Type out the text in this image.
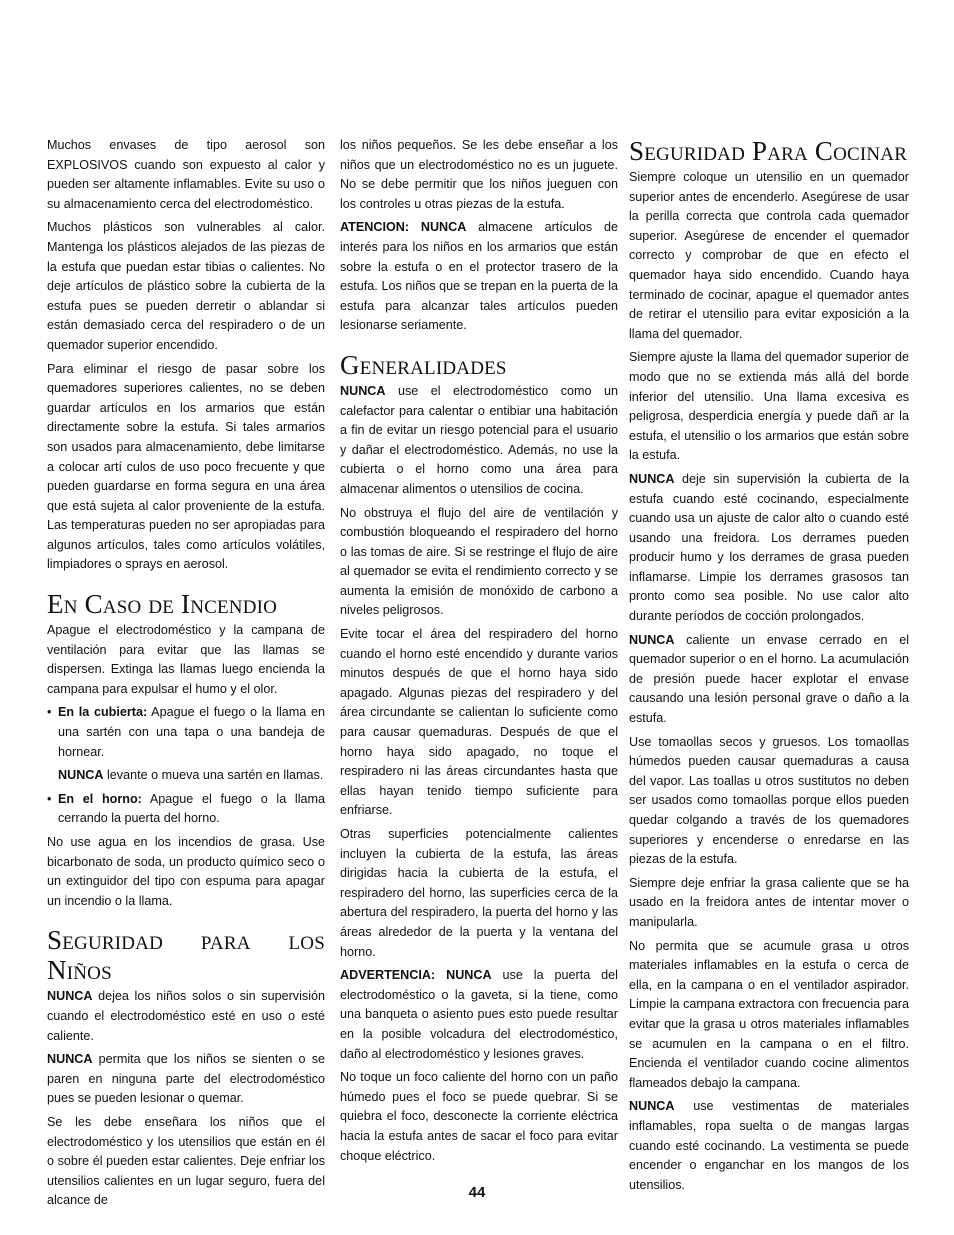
Muchos envases de tipo aerosol son EXPLOSIVOS cuando son expuesto al calor y pueden ser altamente inflamables. Evite su uso o su almacenamiento cerca del electrodoméstico.

Muchos plásticos son vulnerables al calor. Mantenga los plásticos alejados de las piezas de la estufa que puedan estar tibias o calientes. No deje artículos de plástico sobre la cubierta de la estufa pues se pueden derretir o ablandar si están demasiado cerca del respiradero o de un quemador superior encendido.

Para eliminar el riesgo de pasar sobre los quemadores superiores calientes, no se deben guardar artículos en los armarios que están directamente sobre la estufa. Si tales armarios son usados para almacenamiento, debe limitarse a colocar artí culos de uso poco frecuente y que pueden guardarse en forma segura en una área que está sujeta al calor proveniente de la estufa. Las temperaturas pueden no ser apropiadas para algunos artículos, tales como artículos volátiles, limpiadores o sprays en aerosol.

En Caso de Incendio

Apague el electrodoméstico y la campana de ventilación para evitar que las llamas se dispersen. Extinga las llamas luego encienda la campana para expulsar el humo y el olor.

• En la cubierta: Apague el fuego o la llama en una sartén con una tapa o una bandeja de hornear.

NUNCA levante o mueva una sartén en llamas.

• En el horno: Apague el fuego o la llama cerrando la puerta del horno.

No use agua en los incendios de grasa. Use bicarbonato de soda, un producto químico seco o un extinguidor del tipo con espuma para apagar un incendio o la llama.

Seguridad para los Niños

NUNCA dejea los niños solos o sin supervisión cuando el electrodoméstico esté en uso o esté caliente.

NUNCA permita que los niños se sienten o se paren en ninguna parte del electrodoméstico pues se pueden lesionar o quemar.

Se les debe enseñara los niños que el electrodoméstico y los utensilios que están en él o sobre él pueden estar calientes. Deje enfriar los utensilios calientes en un lugar seguro, fuera del alcance de

los niños pequeños. Se les debe enseñar a los niños que un electrodoméstico no es un juguete. No se debe permitir que los niños jueguen con los controles u otras piezas de la estufa.

ATENCION: NUNCA almacene artículos de interés para los niños en los armarios que están sobre la estufa o en el protector trasero de la estufa. Los niños que se trepan en la puerta de la estufa para alcanzar tales artículos pueden lesionarse seriamente.

Generalidades

NUNCA use el electrodoméstico como un calefactor para calentar o entibiar una habitación a fin de evitar un riesgo potencial para el usuario y dañar el electrodoméstico. Además, no use la cubierta o el horno como una área para almacenar alimentos o utensilios de cocina.

No obstruya el flujo del aire de ventilación y combustión bloqueando el respiradero del horno o las tomas de aire. Si se restringe el flujo de aire al quemador se evita el rendimiento correcto y se aumenta la emisión de monóxido de carbono a niveles peligrosos.

Evite tocar el área del respiradero del horno cuando el horno esté encendido y durante varios minutos después de que el horno haya sido apagado. Algunas piezas del respiradero y del área circundante se calientan lo suficiente como para causar quemaduras. Después de que el horno haya sido apagado, no toque el respiradero ni las áreas circundantes hasta que ellas hayan tenido tiempo suficiente para enfriarse.

Otras superficies potencialmente calientes incluyen la cubierta de la estufa, las áreas dirigidas hacia la cubierta de la estufa, el respiradero del horno, las superficies cerca de la abertura del respiradero, la puerta del horno y las áreas alrededor de la puerta y la ventana del horno.

ADVERTENCIA: NUNCA use la puerta del electrodoméstico o la gaveta, si la tiene, como una banqueta o asiento pues esto puede resultar en la posible volcadura del electrodoméstico, daño al electrodoméstico y lesiones graves.

No toque un foco caliente del horno con un paño húmedo pues el foco se puede quebrar. Si se quiebra el foco, desconecte la corriente eléctrica hacia la estufa antes de sacar el foco para evitar choque eléctrico.

Seguridad Para Cocinar

Siempre coloque un utensilio en un quemador superior antes de encenderlo. Asegúrese de usar la perilla correcta que controla cada quemador superior. Asegúrese de encender el quemador correcto y comprobar de que en efecto el quemador haya sido encendido. Cuando haya terminado de cocinar, apague el quemador antes de retirar el utensilio para evitar exposición a la llama del quemador.

Siempre ajuste la llama del quemador superior de modo que no se extienda más allá del borde inferior del utensilio. Una llama excesiva es peligrosa, desperdicia energía y puede dañ ar la estufa, el utensilio o los armarios que están sobre la estufa.

NUNCA deje sin supervisión la cubierta de la estufa cuando esté cocinando, especialmente cuando usa un ajuste de calor alto o cuando esté usando una freidora. Los derrames pueden producir humo y los derrames de grasa pueden inflamarse. Limpie los derrames grasosos tan pronto como sea posible. No use calor alto durante períodos de cocción prolongados.

NUNCA caliente un envase cerrado en el quemador superior o en el horno. La acumulación de presión puede hacer explotar el envase causando una lesión personal grave o daño a la estufa.

Use tomaollas secos y gruesos. Los tomaollas húmedos pueden causar quemaduras a causa del vapor. Las toallas u otros sustitutos no deben ser usados como tomaollas porque ellos pueden quedar colgando a través de los quemadores superiores y encenderse o enredarse en las piezas de la estufa.

Siempre deje enfriar la grasa caliente que se ha usado en la freidora antes de intentar mover o manipularla.

No permita que se acumule grasa u otros materiales inflamables en la estufa o cerca de ella, en la campana o en el ventilador aspirador. Limpie la campana extractora con frecuencia para evitar que la grasa u otros materiales inflamables se acumulen en la campana o en el filtro. Encienda el ventilador cuando cocine alimentos flameados debajo la campana.

NUNCA use vestimentas de materiales inflamables, ropa suelta o de mangas largas cuando esté cocinando. La vestimenta se puede encender o enganchar en los mangos de los utensilios.

44
